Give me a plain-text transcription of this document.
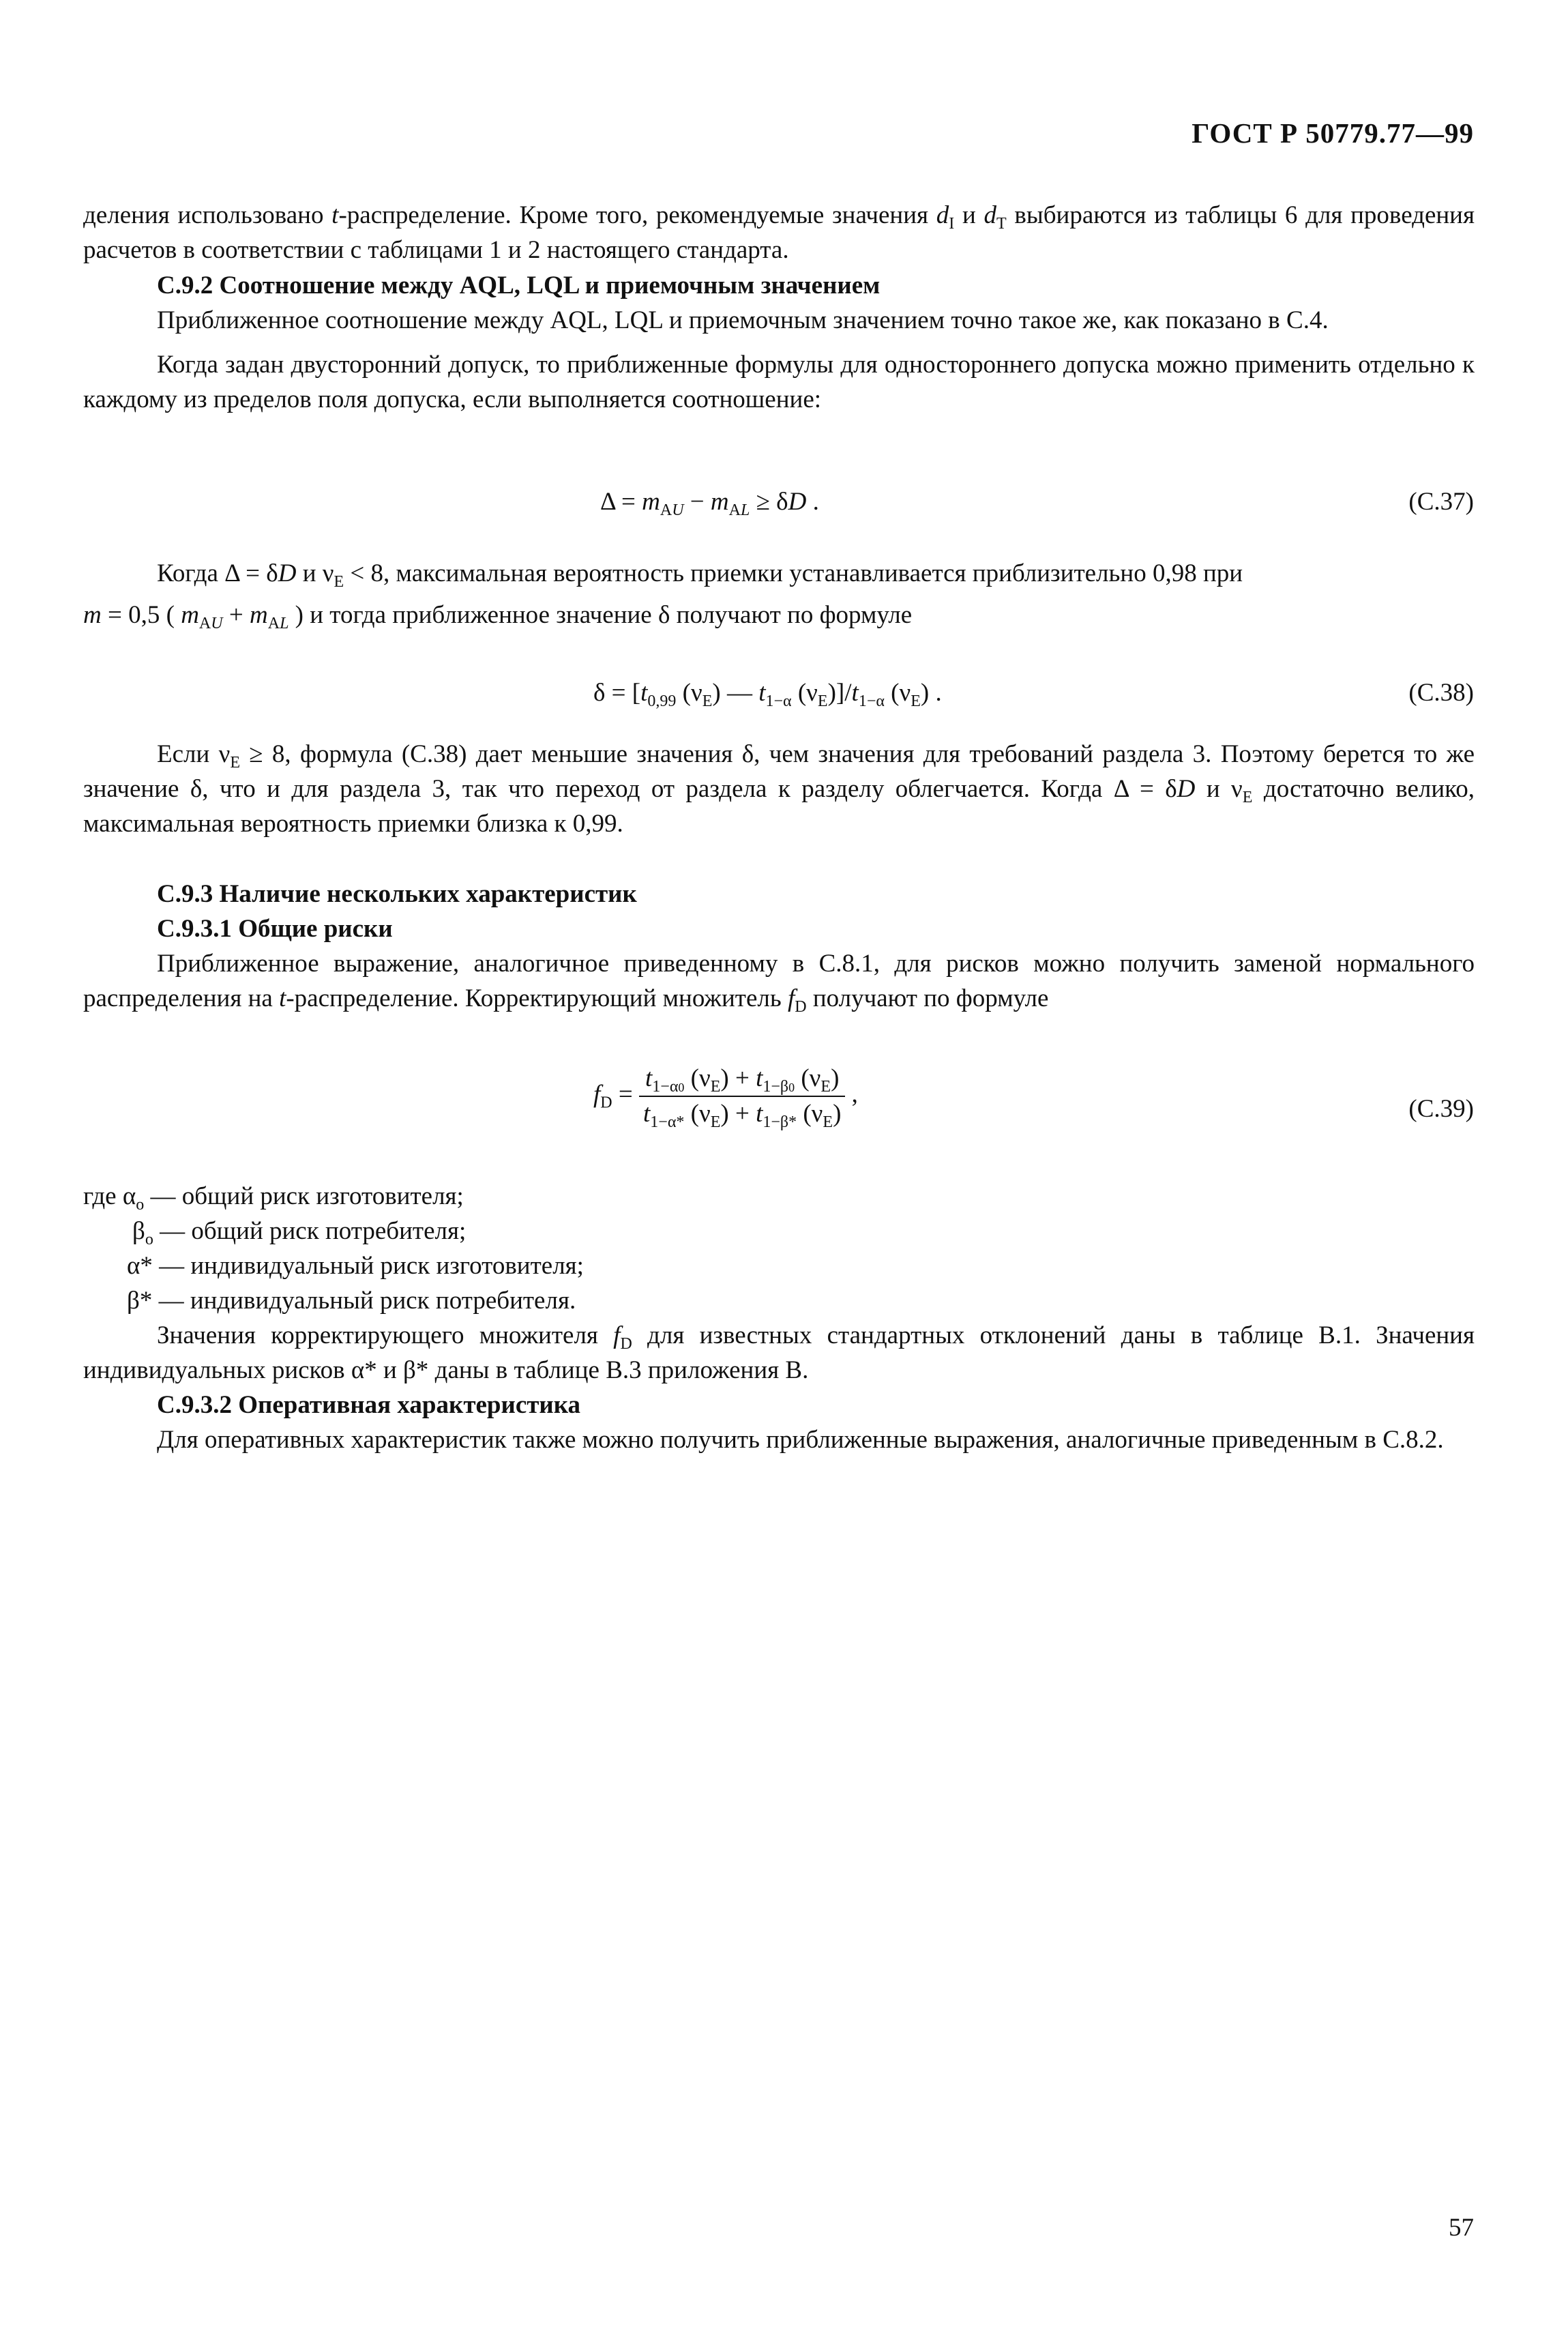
ГОСТ Р 50779.77—99

деления использовано t-распределение. Кроме того, рекомендуемые значения $d_I$ и $d_T$ выбираются из таблицы 6 для проведения расчетов в соответствии с таблицами 1 и 2 настоящего стандарта.

С.9.2 Соотношение между AQL, LQL и приемочным значением

Приближенное соотношение между AQL, LQL и приемочным значением точно такое же, как показано в С.4.

Когда задан двусторонний допуск, то приближенные формулы для одностороннего допуска можно применить отдельно к каждому из пределов поля допуска, если выполняется соотношение:

$\Delta = m_{AU} - m_{AL} \ge \delta D$ .	(С.37)

Когда Δ = δD и $\nu_E < 8$, максимальная вероятность приемки устанавливается приблизительно 0,98 при

m = 0,5 ( $m_{AU} + m_{AL}$ ) и тогда приближенное значение δ получают по формуле

$\delta = [t_{0,99}$ $(\nu_E)$ — $t_{1-\alpha}$ $(\nu_E)]/t_{1-\alpha}$ $(\nu_E)$ .	(С.38)

Если $\nu_E \ge 8$, формула (С.38) дает меньшие значения δ, чем значения для требований раздела 3. Поэтому берется то же значение δ, что и для раздела 3, так что переход от раздела к разделу облегчается. Когда Δ = δD и $\nu_E$ достаточно велико, максимальная вероятность приемки близка к 0,99.

С.9.3 Наличие нескольких характеристик

С.9.3.1 Общие риски

Приближенное выражение, аналогичное приведенному в С.8.1, для рисков можно получить заменой нормального распределения на t-распределение. Корректирующий множитель $f_D$ получают по формуле

$f_D = \frac{t_{1-\alpha 0} (\nu_E) + t_{1-\beta 0} (\nu_E)}{t_{1-\alpha*} (\nu_E) + t_{1-\beta*} (\nu_E)}$ ,
(С.39)
где $\alpha_о$ — общий риск изготовителя;
$\beta_о$ — общий риск потребителя;
α* — индивидуальный риск изготовителя;
β* — индивидуальный риск потребителя.

Значения корректирующего множителя $f_D$ для известных стандартных отклонений даны в таблице В.1. Значения индивидуальных рисков α* и β* даны в таблице В.3 приложения В.

С.9.3.2 Оперативная характеристика

Для оперативных характеристик также можно получить приближенные выражения, аналогичные приведенным в С.8.2.

57
